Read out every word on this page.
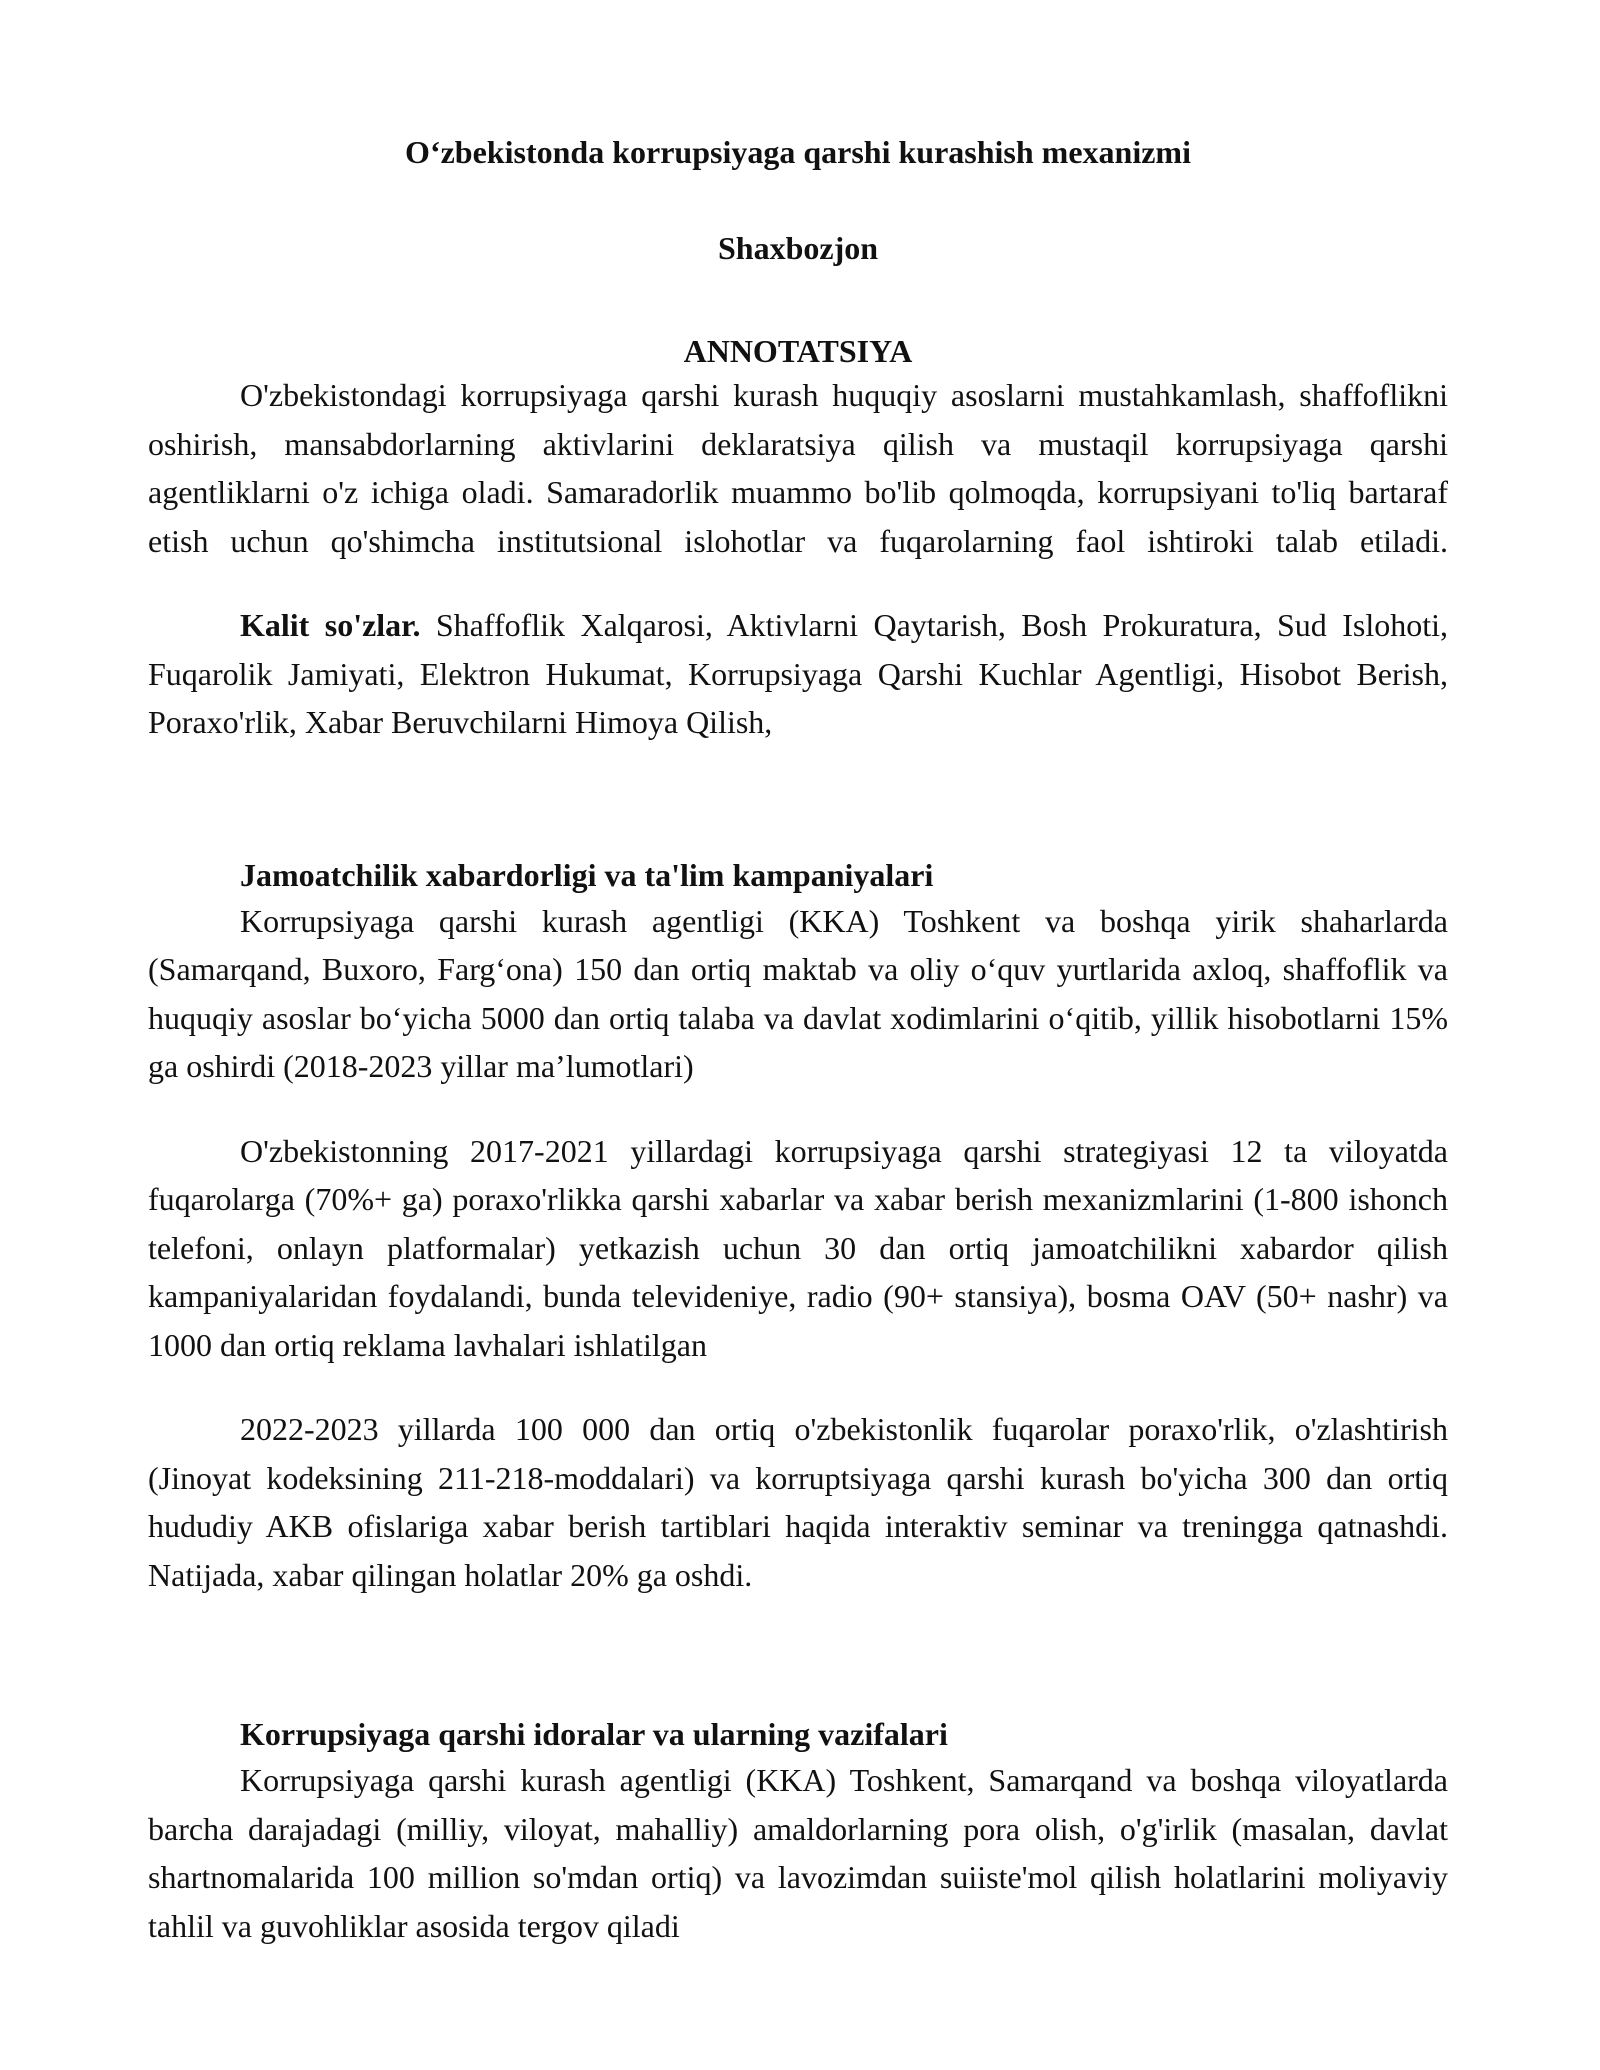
O‘zbekistonda korrupsiyaga qarshi kurashish mexanizmi
Shaxbozjon
ANNOTATSIYA

O'zbekistondagi korrupsiyaga qarshi kurash huquqiy asoslarni mustahkamlash, shaffoflikni oshirish, mansabdorlarning aktivlarini deklaratsiya qilish va mustaqil korrupsiyaga qarshi agentliklarni o'z ichiga oladi. Samaradorlik muammo bo'lib qolmoqda, korrupsiyani to'liq bartaraf etish uchun qo'shimcha institutsional islohotlar va fuqarolarning faol ishtiroki talab etiladi.

Kalit so'zlar. Shaffoflik Xalqarosi, Aktivlarni Qaytarish, Bosh Prokuratura, Sud Islohoti, Fuqarolik Jamiyati, Elektron Hukumat, Korrupsiyaga Qarshi Kuchlar Agentligi, Hisobot Berish, Poraxo'rlik, Xabar Beruvchilarni Himoya Qilish,

Jamoatchilik xabardorligi va ta'lim kampaniyalari

Korrupsiyaga qarshi kurash agentligi (KKA) Toshkent va boshqa yirik shaharlarda (Samarqand, Buxoro, Farg‘ona) 150 dan ortiq maktab va oliy o‘quv yurtlarida axloq, shaffoflik va huquqiy asoslar bo‘yicha 5000 dan ortiq talaba va davlat xodimlarini o‘qitib, yillik hisobotlarni 15% ga oshirdi (2018-2023 yillar ma’lumotlari)

O'zbekistonning 2017-2021 yillardagi korrupsiyaga qarshi strategiyasi 12 ta viloyatda fuqarolarga (70%+ ga) poraxo'rlikka qarshi xabarlar va xabar berish mexanizmlarini (1-800 ishonch telefoni, onlayn platformalar) yetkazish uchun 30 dan ortiq jamoatchilikni xabardor qilish kampaniyalaridan foydalandi, bunda televideniye, radio (90+ stansiya), bosma OAV (50+ nashr) va 1000 dan ortiq reklama lavhalari ishlatilgan

2022-2023 yillarda 100 000 dan ortiq o'zbekistonlik fuqarolar poraxo'rlik, o'zlashtirish (Jinoyat kodeksining 211-218-moddalari) va korruptsiyaga qarshi kurash bo'yicha 300 dan ortiq hududiy AKB ofislariga xabar berish tartiblari haqida interaktiv seminar va treningga qatnashdi. Natijada, xabar qilingan holatlar 20% ga oshdi.

Korrupsiyaga qarshi idoralar va ularning vazifalari

Korrupsiyaga qarshi kurash agentligi (KKA) Toshkent, Samarqand va boshqa viloyatlarda barcha darajadagi (milliy, viloyat, mahalliy) amaldorlarning pora olish, o'g'irlik (masalan, davlat shartnomalarida 100 million so'mdan ortiq) va lavozimdan suiiste'mol qilish holatlarini moliyaviy tahlil va guvohliklar asosida tergov qiladi
